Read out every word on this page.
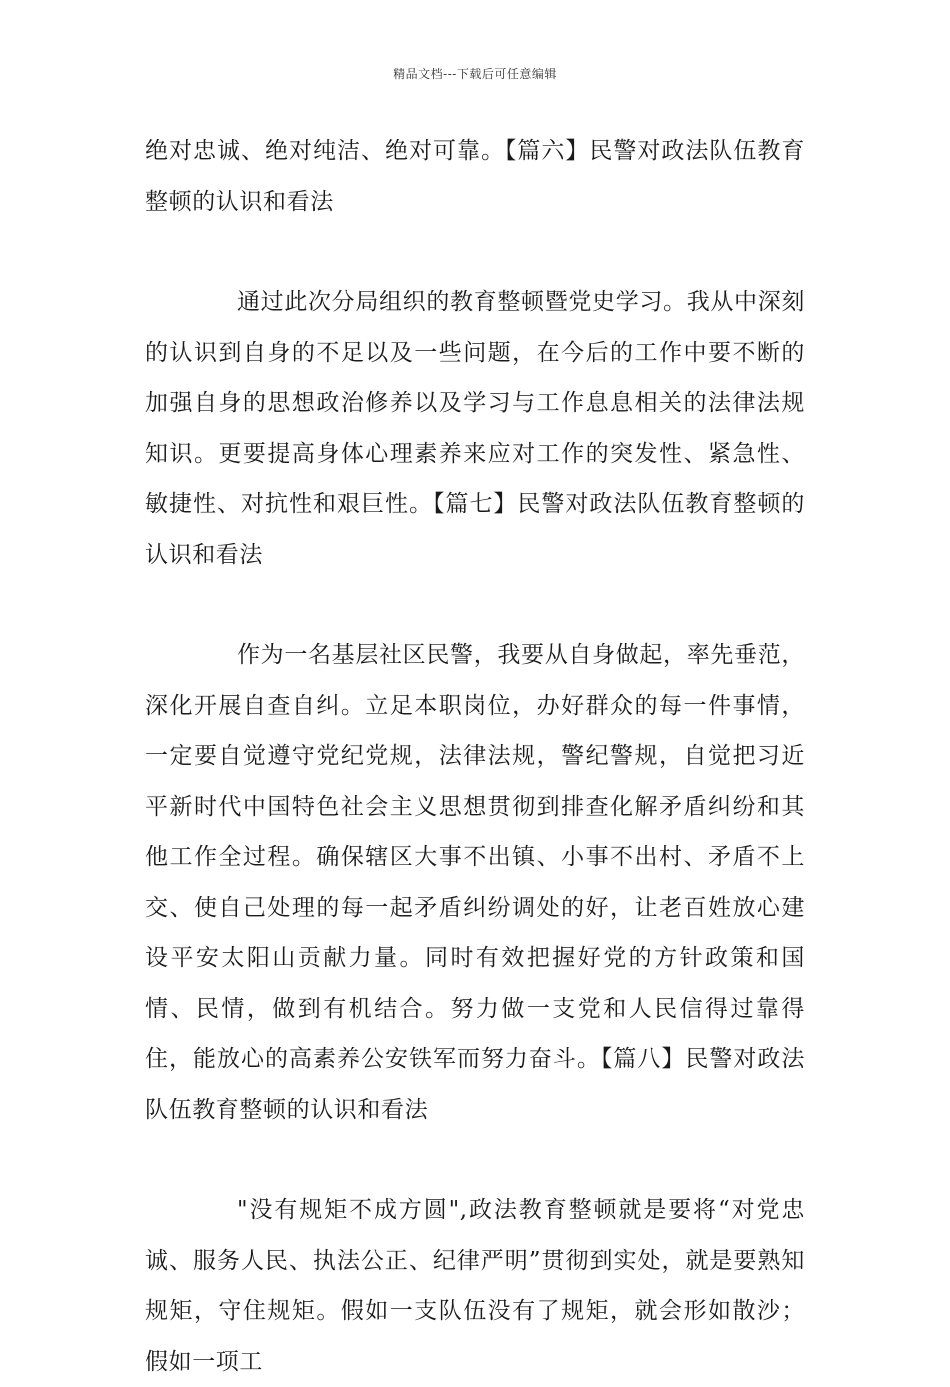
精品文档---下载后可任意编辑

绝对忠诚、绝对纯洁、绝对可靠。【篇六】民警对政法队伍教育整顿的认识和看法

通过此次分局组织的教育整顿暨党史学习。我从中深刻的认识到自身的不足以及一些问题，在今后的工作中要不断的加强自身的思想政治修养以及学习与工作息息相关的法律法规知识。更要提高身体心理素养来应对工作的突发性、紧急性、敏捷性、对抗性和艰巨性。【篇七】民警对政法队伍教育整顿的认识和看法

作为一名基层社区民警，我要从自身做起，率先垂范，深化开展自查自纠。立足本职岗位，办好群众的每一件事情，一定要自觉遵守党纪党规，法律法规，警纪警规，自觉把习近平新时代中国特色社会主义思想贯彻到排查化解矛盾纠纷和其他工作全过程。确保辖区大事不出镇、小事不出村、矛盾不上交、使自己处理的每一起矛盾纠纷调处的好，让老百姓放心建设平安太阳山贡献力量。同时有效把握好党的方针政策和国情、民情，做到有机结合。努力做一支党和人民信得过靠得住，能放心的高素养公安铁军而努力奋斗。【篇八】民警对政法队伍教育整顿的认识和看法

"没有规矩不成方圆",政法教育整顿就是要将“对党忠诚、服务人民、执法公正、纪律严明”贯彻到实处，就是要熟知规矩，守住规矩。假如一支队伍没有了规矩，就会形如散沙；假如一项工
